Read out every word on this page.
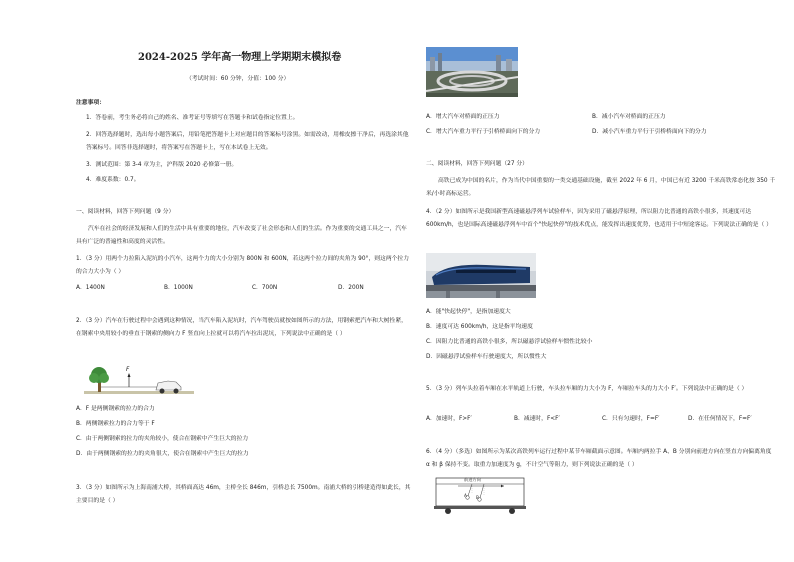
2024-2025 学年高一物理上学期期末模拟卷
（考试时间：60 分钟，分值：100 分）
注意事项：
1．答卷前，考生务必将自己的姓名、准考证号等填写在答题卡和试卷指定位置上。
2．回答选择题时，选出每小题答案后，用铅笔把答题卡上对应题目的答案标号涂黑。如需改动，用橡皮擦干净后，再选涂其他答案标号。回答非选择题时，将答案写在答题卡上，写在本试卷上无效。
3．测试范围：第 3-4 章为主，沪科版 2020 必修第一册。
4．难度系数：0.7。
一、阅读材料，回答下列问题（9 分）
汽车在社会的经济发展和人们的生活中具有重要的地位，汽车改变了社会形态和人们的生活。作为重要的交通工具之一，汽车具有广泛的普遍性和高度的灵活性。
1．（3 分）用两个力拉陷入泥坑的小汽车，这两个力的大小分别为 800N 和 600N，若这两个拉力间的夹角为 90°，则这两个拉力的合力大小为（ ）
A．1400N	B．1000N	C．700N	D．200N
2．（3 分）汽车在行驶过程中会遇到这种情况，当汽车陷入泥坑时，汽车驾驶员就按如图所示的方法，用钢索把汽车和大树拴紧，在钢索中央用较小的垂直于钢索的侧向力 F 竖直向上拉就可以将汽车拉出泥坑，下列说法中正确的是（ ）
F
A．F 是两侧钢索的拉力的合力
B．两侧钢索拉力的合力等于 F
C．由于两侧钢索的拉力的夹角较小，使合在钢索中产生巨大的拉力
D．由于两侧钢索的拉力的夹角很大，使合在钢索中产生巨大的拉力
3．（3 分）如图所示为上海南浦大桥，其桥面高达 46m，主桥全长 846m，引桥总长 7500m。南浦大桥的引桥建造得如此长，其主要目的是（ ）
A．增大汽车对桥面的正压力	B．减小汽车对桥面的正压力
C．增大汽车重力平行于引桥桥面向下的分力	D．减小汽车重力平行于引桥桥面向下的分力
二、阅读材料，回答下列问题（27 分）
高铁已成为中国的名片，作为当代中国重要的一类交通基础设施，截至 2022 年 6 月，中国已有近 3200 千米高铁常态化按 350 千米/小时高标运营。
4．（2 分）如图所示是我国新型高速磁悬浮列车试验样车，因为采用了磁悬浮原理，所以阻力比普通的高铁小很多，其速度可达 600km/h，也是国际高速磁悬浮列车中首个"快起快停"的技术优点，能发挥出速度优势，也适用于中短途客运。下列说法正确的是（ ）
A．能"快起快停"，是指加速度大
B．速度可达 600km/h，这是指平均速度
C．因阻力比普通的高铁小很多，所以磁悬浮试验样车惯性比较小
D．因磁悬浮试验样车行驶速度大，所以惯性大
5．（3 分）列车头拉着车厢在水平轨道上行驶，车头拉车厢的力大小为 F，车厢拉车头的力大小 F′。下列说法中正确的是（ ）
A．加速时，F>F′	B．减速时，F<F′	C．只有匀速时，F=F′	D．在任何情况下，F=F′
6．（4 分）（多选）如图所示为某次高铁列车运行过程中某节车厢截面示意图。车厢内两拉手 A、B 分别向前进方向在竖直方向偏离角度 α 和 β 保持不变。取重力加速度为 g，不计空气等阻力，则下列说法正确的是（ ）
前进方向
A B
